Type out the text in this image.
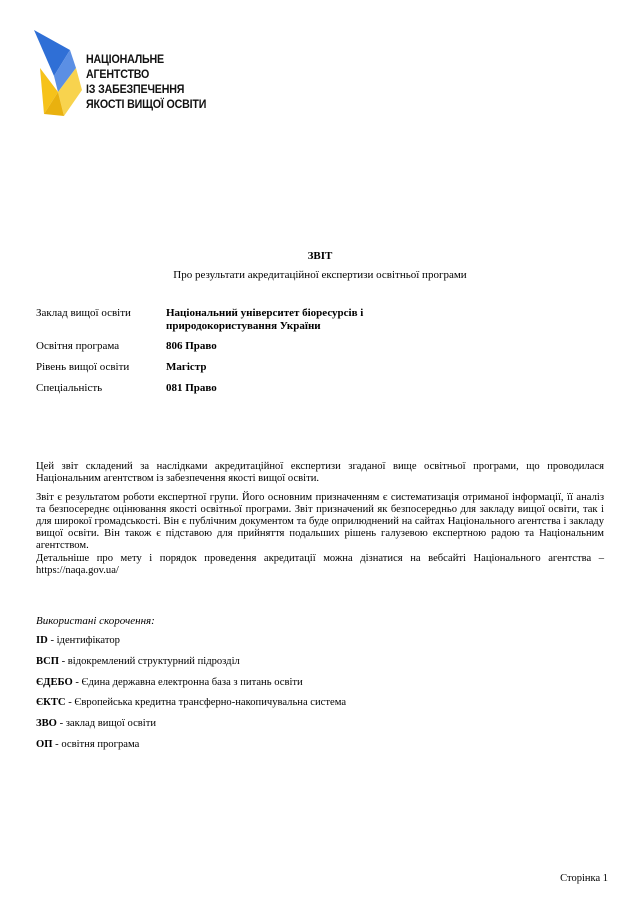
НАЦІОНАЛЬНЕ
АГЕНТСТВО
ІЗ ЗАБЕЗПЕЧЕННЯ
ЯКОСТІ ВИЩОЇ ОСВІТИ
ЗВІТ
Про результати акредитаційної експертизи освітньої програми
Заклад вищої освіти	Національний університет біоресурсів і
природокористування України
Освітня програма	806 Право
Рівень вищої освіти	Магістр
Спеціальність	081 Право
Цей звіт складений за наслідками акредитаційної експертизи згаданої вище освітньої програми, що проводилася Національним агентством із забезпечення якості вищої освіти.
Звіт є результатом роботи експертної групи. Його основним призначенням є систематизація отриманої інформації, її аналіз та безпосереднє оцінювання якості освітньої програми. Звіт призначений як безпосередньо для закладу вищої освіти, так і для широкої громадськості. Він є публічним документом та буде оприлюднений на сайтах Національного агентства і закладу вищої освіти. Він також є підставою для прийняття подальших рішень галузевою експертною радою та Національним агентством.
Детальніше про мету і порядок проведення акредитації можна дізнатися на вебсайті Національного агентства – https://naqa.gov.ua/
Використані скорочення:
ID - ідентифікатор
ВСП - відокремлений структурний підрозділ
ЄДЕБО - Єдина державна електронна база з питань освіти
ЄКТС - Європейська кредитна трансферно-накопичувальна система
ЗВО - заклад вищої освіти
ОП - освітня програма
Сторінка 1
